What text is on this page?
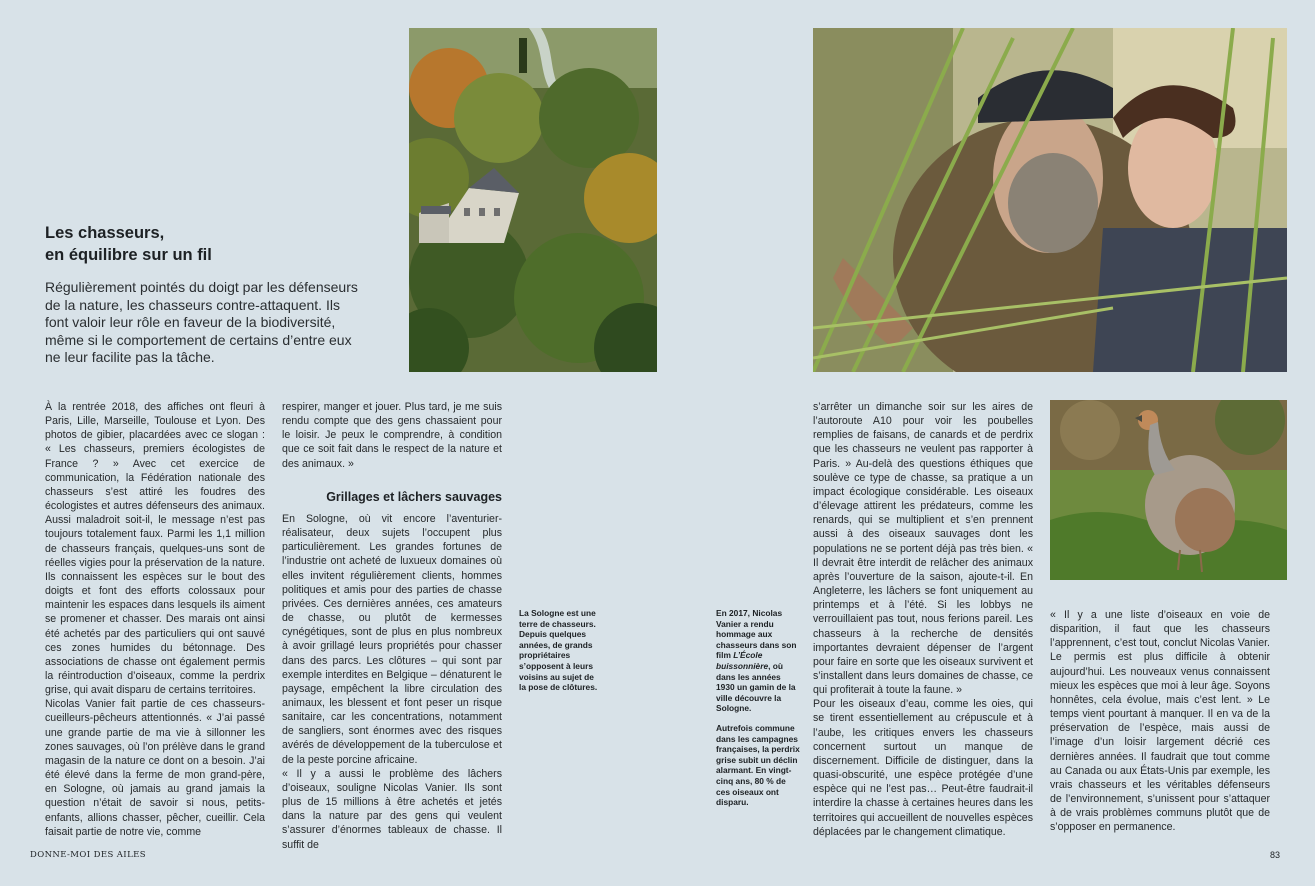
Les chasseurs,
en équilibre sur un fil
Régulièrement pointés du doigt par les défenseurs de la nature, les chasseurs contre-attaquent. Ils font valoir leur rôle en faveur de la biodiversité, même si le comportement de certains d’entre eux ne leur facilite pas la tâche.

À la rentrée 2018, des affiches ont fleuri à Paris, Lille, Marseille, Toulouse et Lyon. Des photos de gibier, placardées avec ce slogan : « Les chasseurs, premiers écologistes de France ? » Avec cet exercice de communication, la Fédération nationale des chasseurs s’est attiré les foudres des écologistes et autres défenseurs des animaux. Aussi maladroit soit-il, le message n’est pas toujours totalement faux. Parmi les 1,1 million de chasseurs français, quelques-uns sont de réelles vigies pour la préservation de la nature. Ils connaissent les espèces sur le bout des doigts et font des efforts colossaux pour maintenir les espaces dans lesquels ils aiment se promener et chasser. Des marais ont ainsi été achetés par des particuliers qui ont sauvé ces zones humides du bétonnage. Des associations de chasse ont également permis la réintroduction d’oiseaux, comme la perdrix grise, qui avait disparu de certains territoires.

Nicolas Vanier fait partie de ces chasseurs-cueilleurs-pêcheurs attentionnés. « J’ai passé une grande partie de ma vie à sillonner les zones sauvages, où l’on prélève dans le grand magasin de la nature ce dont on a besoin. J’ai été élevé dans la ferme de mon grand-père, en Sologne, où jamais au grand jamais la question n’était de savoir si nous, petits-enfants, allions chasser, pêcher, cueillir. Cela faisait partie de notre vie, comme

respirer, manger et jouer. Plus tard, je me suis rendu compte que des gens chassaient pour le loisir. Je peux le comprendre, à condition que ce soit fait dans le respect de la nature et des animaux. »

Grillages et lâchers sauvages

En Sologne, où vit encore l’aventurier-réalisateur, deux sujets l’occupent plus particulièrement. Les grandes fortunes de l’industrie ont acheté de luxueux domaines où elles invitent régulièrement clients, hommes politiques et amis pour des parties de chasse privées. Ces dernières années, ces amateurs de chasse, ou plutôt de kermesses cynégétiques, sont de plus en plus nombreux à avoir grillagé leurs propriétés pour chasser dans des parcs. Les clôtures – qui sont par exemple interdites en Belgique – dénaturent le paysage, empêchent la libre circulation des animaux, les blessent et font peser un risque sanitaire, car les concentrations, notamment de sangliers, sont énormes avec des risques avérés de développement de la tuberculose et de la peste porcine africaine.

« Il y a aussi le problème des lâchers d’oiseaux, souligne Nicolas Vanier. Ils sont plus de 15 millions à être achetés et jetés dans la nature par des gens qui veulent s’assurer d’énormes tableaux de chasse. Il suffit de

La Sologne est une terre de chasseurs. Depuis quelques années, de grands propriétaires s’opposent à leurs voisins au sujet de la pose de clôtures.

En 2017, Nicolas Vanier a rendu hommage aux chasseurs dans son film L’École buissonnière, où dans les années 1930 un gamin de la ville découvre la Sologne.

Autrefois commune dans les campagnes françaises, la perdrix grise subit un déclin alarmant. En vingt-cinq ans, 80 % de ces oiseaux ont disparu.

s’arrêter un dimanche soir sur les aires de l’autoroute A10 pour voir les poubelles remplies de faisans, de canards et de perdrix que les chasseurs ne veulent pas rapporter à Paris. » Au-delà des questions éthiques que soulève ce type de chasse, sa pratique a un impact écologique considérable. Les oiseaux d’élevage attirent les prédateurs, comme les renards, qui se multiplient et s’en prennent aussi à des oiseaux sauvages dont les populations ne se portent déjà pas très bien. « Il devrait être interdit de relâcher des animaux après l’ouverture de la saison, ajoute-t-il. En Angleterre, les lâchers se font uniquement au printemps et à l’été. Si les lobbys ne verrouillaient pas tout, nous ferions pareil. Les chasseurs à la recherche de densités importantes devraient dépenser de l’argent pour faire en sorte que les oiseaux survivent et s’installent dans leurs domaines de chasse, ce qui profiterait à toute la faune. »

Pour les oiseaux d’eau, comme les oies, qui se tirent essentiellement au crépuscule et à l’aube, les critiques envers les chasseurs concernent surtout un manque de discernement. Difficile de distinguer, dans la quasi-obscurité, une espèce protégée d’une espèce qui ne l’est pas… Peut-être faudrait-il interdire la chasse à certaines heures dans les territoires qui accueillent de nouvelles espèces déplacées par le changement climatique.

« Il y a une liste d’oiseaux en voie de disparition, il faut que les chasseurs l’apprennent, c’est tout, conclut Nicolas Vanier. Le permis est plus difficile à obtenir aujourd’hui. Les nouveaux venus connaissent mieux les espèces que moi à leur âge. Soyons honnêtes, cela évolue, mais c’est lent. » Le temps vient pourtant à manquer. Il en va de la préservation de l’espèce, mais aussi de l’image d’un loisir largement décrié ces dernières années. Il faudrait que tout comme au Canada ou aux États-Unis par exemple, les vrais chasseurs et les véritables défenseurs de l’environnement, s’unissent pour s’attaquer à de vrais problèmes communs plutôt que de s’opposer en permanence.

DONNE-MOI DES AILES	83
